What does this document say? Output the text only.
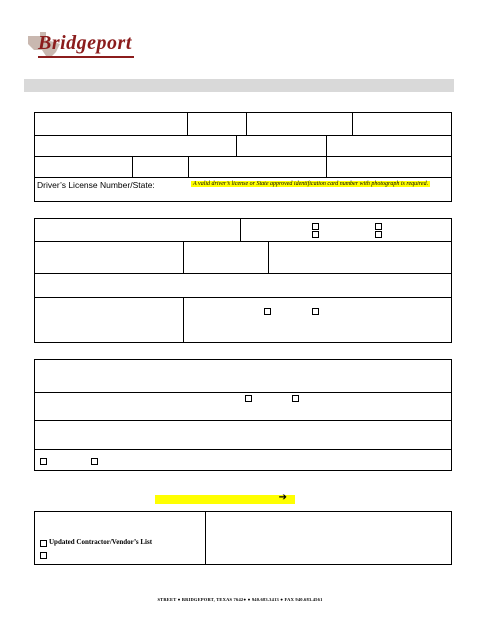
Bridgeport
Driver’s License Number/State:	A valid driver’s license or State approved identification card number with photograph is required.
➔
Updated Contractor/Vendor’s List
STREET ● BRIDGEPORT, TEXAS 7642● ● 940.683.3413 ● FAX 940.683.4561
